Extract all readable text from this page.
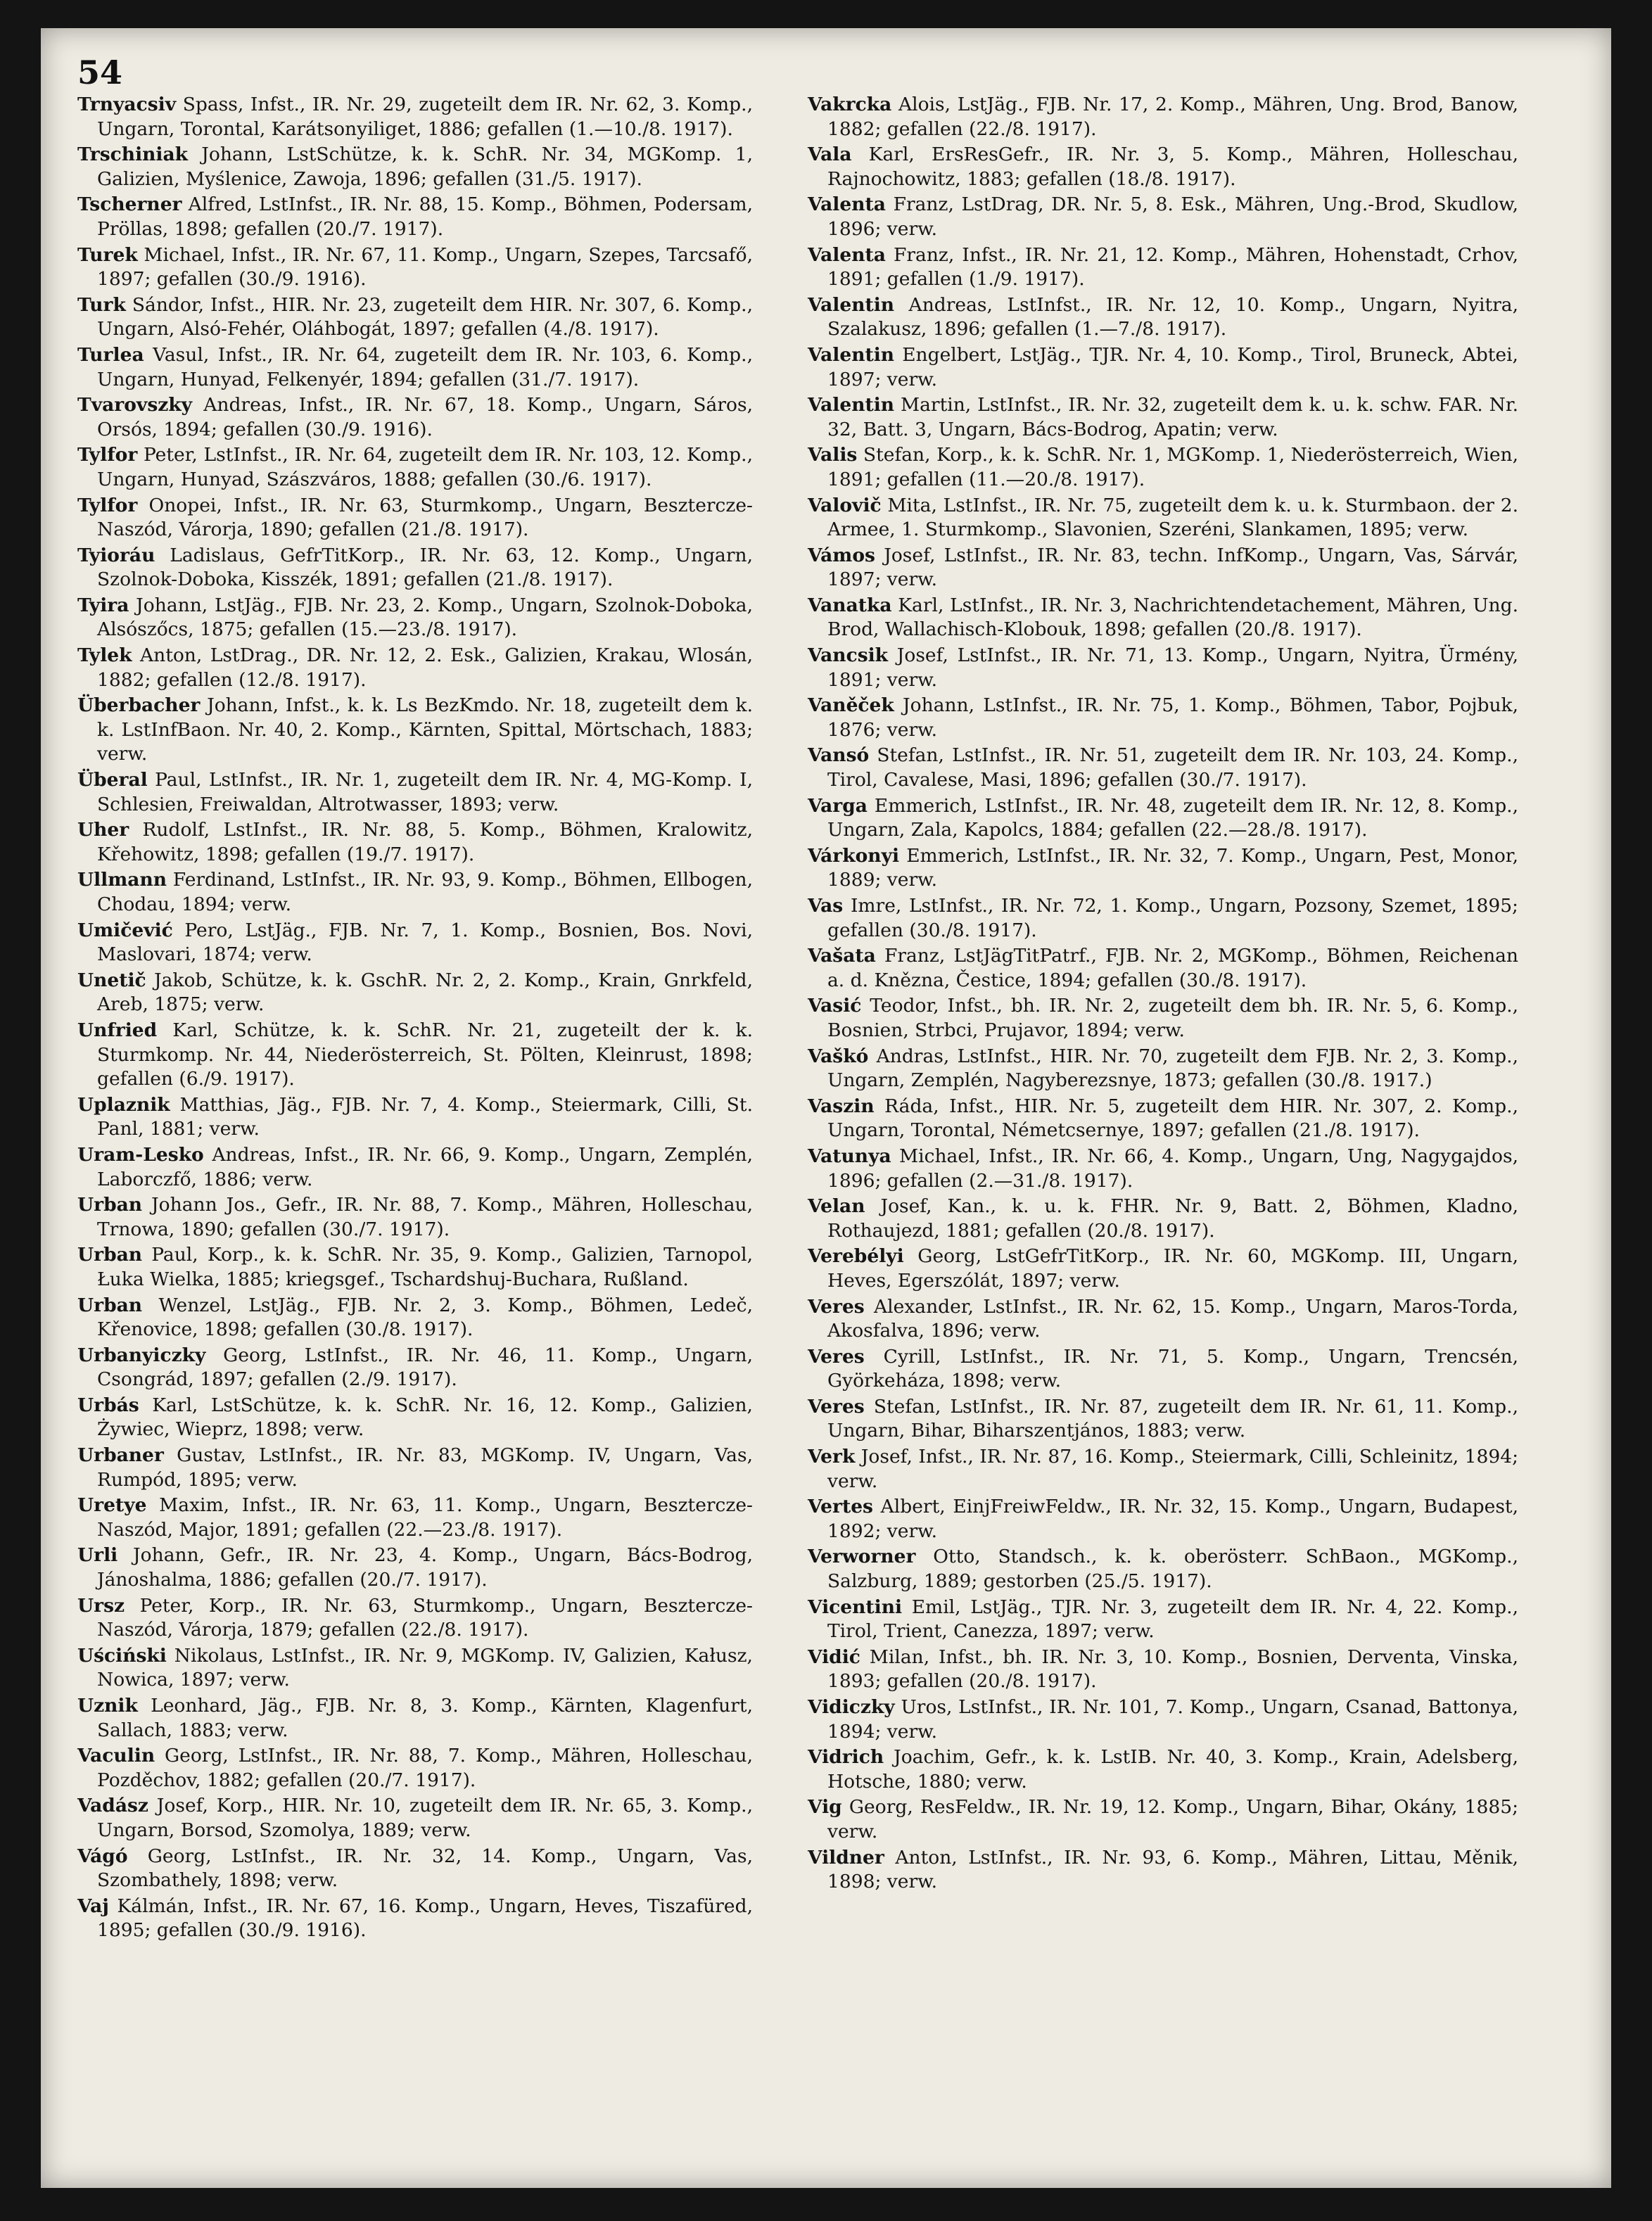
54
Trnyacsiv Spass, Infst., IR. Nr. 29, zugeteilt dem IR. Nr. 62, 3. Komp., Ungarn, Torontal, Karátsonyiliget, 1886; gefallen (1.—10./8. 1917).
Trschiniak Johann, LstSchütze, k. k. SchR. Nr. 34, MGKomp. 1, Galizien, Myślenice, Zawoja, 1896; gefallen (31./5. 1917).
Tscherner Alfred, LstInfst., IR. Nr. 88, 15. Komp., Böhmen, Podersam, Pröllas, 1898; gefallen (20./7. 1917).
Turek Michael, Infst., IR. Nr. 67, 11. Komp., Ungarn, Szepes, Tarcsafő, 1897; gefallen (30./9. 1916).
Turk Sándor, Infst., HIR. Nr. 23, zugeteilt dem HIR. Nr. 307, 6. Komp., Ungarn, Alsó-Fehér, Oláhbogát, 1897; gefallen (4./8. 1917).
Turlea Vasul, Infst., IR. Nr. 64, zugeteilt dem IR. Nr. 103, 6. Komp., Ungarn, Hunyad, Felkenyér, 1894; gefallen (31./7. 1917).
Tvarovszky Andreas, Infst., IR. Nr. 67, 18. Komp., Ungarn, Sáros, Orsós, 1894; gefallen (30./9. 1916).
Tylfor Peter, LstInfst., IR. Nr. 64, zugeteilt dem IR. Nr. 103, 12. Komp., Ungarn, Hunyad, Szászváros, 1888; gefallen (30./6. 1917).
Tylfor Onopei, Infst., IR. Nr. 63, Sturmkomp., Ungarn, Besztercze-Naszód, Várorja, 1890; gefallen (21./8. 1917).
Tyioráu Ladislaus, GefrTitKorp., IR. Nr. 63, 12. Komp., Ungarn, Szolnok-Doboka, Kisszék, 1891; gefallen (21./8. 1917).
Tyira Johann, LstJäg., FJB. Nr. 23, 2. Komp., Ungarn, Szolnok-Doboka, Alsószőcs, 1875; gefallen (15.—23./8. 1917).
Tylek Anton, LstDrag., DR. Nr. 12, 2. Esk., Galizien, Krakau, Wlosán, 1882; gefallen (12./8. 1917).
Überbacher Johann, Infst., k. k. Ls BezKmdo. Nr. 18, zugeteilt dem k. k. LstInfBaon. Nr. 40, 2. Komp., Kärnten, Spittal, Mörtschach, 1883; verw.
Überal Paul, LstInfst., IR. Nr. 1, zugeteilt dem IR. Nr. 4, MG-Komp. I, Schlesien, Freiwaldan, Altrotwasser, 1893; verw.
Uher Rudolf, LstInfst., IR. Nr. 88, 5. Komp., Böhmen, Kralowitz, Křehowitz, 1898; gefallen (19./7. 1917).
Ullmann Ferdinand, LstInfst., IR. Nr. 93, 9. Komp., Böhmen, Ellbogen, Chodau, 1894; verw.
Umičević Pero, LstJäg., FJB. Nr. 7, 1. Komp., Bosnien, Bos. Novi, Maslovari, 1874; verw.
Unetič Jakob, Schütze, k. k. GschR. Nr. 2, 2. Komp., Krain, Gnrkfeld, Areb, 1875; verw.
Unfried Karl, Schütze, k. k. SchR. Nr. 21, zugeteilt der k. k. Sturmkomp. Nr. 44, Niederösterreich, St. Pölten, Kleinrust, 1898; gefallen (6./9. 1917).
Uplaznik Matthias, Jäg., FJB. Nr. 7, 4. Komp., Steiermark, Cilli, St. Panl, 1881; verw.
Uram-Lesko Andreas, Infst., IR. Nr. 66, 9. Komp., Ungarn, Zemplén, Laborczfő, 1886; verw.
Urban Johann Jos., Gefr., IR. Nr. 88, 7. Komp., Mähren, Holleschau, Trnowa, 1890; gefallen (30./7. 1917).
Urban Paul, Korp., k. k. SchR. Nr. 35, 9. Komp., Galizien, Tarnopol, Łuka Wielka, 1885; kriegsgef., Tschardshuj-Buchara, Rußland.
Urban Wenzel, LstJäg., FJB. Nr. 2, 3. Komp., Böhmen, Ledeč, Křenovice, 1898; gefallen (30./8. 1917).
Urbanyiczky Georg, LstInfst., IR. Nr. 46, 11. Komp., Ungarn, Csongrád, 1897; gefallen (2./9. 1917).
Urbás Karl, LstSchütze, k. k. SchR. Nr. 16, 12. Komp., Galizien, Żywiec, Wieprz, 1898; verw.
Urbaner Gustav, LstInfst., IR. Nr. 83, MGKomp. IV, Ungarn, Vas, Rumpód, 1895; verw.
Uretye Maxim, Infst., IR. Nr. 63, 11. Komp., Ungarn, Besztercze-Naszód, Major, 1891; gefallen (22.—23./8. 1917).
Urli Johann, Gefr., IR. Nr. 23, 4. Komp., Ungarn, Bács-Bodrog, Jánoshalma, 1886; gefallen (20./7. 1917).
Ursz Peter, Korp., IR. Nr. 63, Sturmkomp., Ungarn, Besztercze-Naszód, Várorja, 1879; gefallen (22./8. 1917).
Uściński Nikolaus, LstInfst., IR. Nr. 9, MGKomp. IV, Galizien, Kałusz, Nowica, 1897; verw.
Uznik Leonhard, Jäg., FJB. Nr. 8, 3. Komp., Kärnten, Klagenfurt, Sallach, 1883; verw.
Vaculin Georg, LstInfst., IR. Nr. 88, 7. Komp., Mähren, Holleschau, Pozděchov, 1882; gefallen (20./7. 1917).
Vadász Josef, Korp., HIR. Nr. 10, zugeteilt dem IR. Nr. 65, 3. Komp., Ungarn, Borsod, Szomolya, 1889; verw.
Vágó Georg, LstInfst., IR. Nr. 32, 14. Komp., Ungarn, Vas, Szombathely, 1898; verw.
Vaj Kálmán, Infst., IR. Nr. 67, 16. Komp., Ungarn, Heves, Tiszafüred, 1895; gefallen (30./9. 1916).
Vakrcka Alois, LstJäg., FJB. Nr. 17, 2. Komp., Mähren, Ung. Brod, Banow, 1882; gefallen (22./8. 1917).
Vala Karl, ErsResGefr., IR. Nr. 3, 5. Komp., Mähren, Holleschau, Rajnochowitz, 1883; gefallen (18./8. 1917).
Valenta Franz, LstDrag, DR. Nr. 5, 8. Esk., Mähren, Ung.-Brod, Skudlow, 1896; verw.
Valenta Franz, Infst., IR. Nr. 21, 12. Komp., Mähren, Hohenstadt, Crhov, 1891; gefallen (1./9. 1917).
Valentin Andreas, LstInfst., IR. Nr. 12, 10. Komp., Ungarn, Nyitra, Szalakusz, 1896; gefallen (1.—7./8. 1917).
Valentin Engelbert, LstJäg., TJR. Nr. 4, 10. Komp., Tirol, Bruneck, Abtei, 1897; verw.
Valentin Martin, LstInfst., IR. Nr. 32, zugeteilt dem k. u. k. schw. FAR. Nr. 32, Batt. 3, Ungarn, Bács-Bodrog, Apatin; verw.
Valis Stefan, Korp., k. k. SchR. Nr. 1, MGKomp. 1, Niederösterreich, Wien, 1891; gefallen (11.—20./8. 1917).
Valovič Mita, LstInfst., IR. Nr. 75, zugeteilt dem k. u. k. Sturmbaon. der 2. Armee, 1. Sturmkomp., Slavonien, Szeréni, Slankamen, 1895; verw.
Vámos Josef, LstInfst., IR. Nr. 83, techn. InfKomp., Ungarn, Vas, Sárvár, 1897; verw.
Vanatka Karl, LstInfst., IR. Nr. 3, Nachrichtendetachement, Mähren, Ung. Brod, Wallachisch-Klobouk, 1898; gefallen (20./8. 1917).
Vancsik Josef, LstInfst., IR. Nr. 71, 13. Komp., Ungarn, Nyitra, Ürmény, 1891; verw.
Vaněček Johann, LstInfst., IR. Nr. 75, 1. Komp., Böhmen, Tabor, Pojbuk, 1876; verw.
Vansó Stefan, LstInfst., IR. Nr. 51, zugeteilt dem IR. Nr. 103, 24. Komp., Tirol, Cavalese, Masi, 1896; gefallen (30./7. 1917).
Varga Emmerich, LstInfst., IR. Nr. 48, zugeteilt dem IR. Nr. 12, 8. Komp., Ungarn, Zala, Kapolcs, 1884; gefallen (22.—28./8. 1917).
Várkonyi Emmerich, LstInfst., IR. Nr. 32, 7. Komp., Ungarn, Pest, Monor, 1889; verw.
Vas Imre, LstInfst., IR. Nr. 72, 1. Komp., Ungarn, Pozsony, Szemet, 1895; gefallen (30./8. 1917).
Vašata Franz, LstJägTitPatrf., FJB. Nr. 2, MGKomp., Böhmen, Reichenan a. d. Knězna, Čestice, 1894; gefallen (30./8. 1917).
Vasić Teodor, Infst., bh. IR. Nr. 2, zugeteilt dem bh. IR. Nr. 5, 6. Komp., Bosnien, Strbci, Prujavor, 1894; verw.
Vaškó Andras, LstInfst., HIR. Nr. 70, zugeteilt dem FJB. Nr. 2, 3. Komp., Ungarn, Zemplén, Nagyberezsnye, 1873; gefallen (30./8. 1917.)
Vaszin Ráda, Infst., HIR. Nr. 5, zugeteilt dem HIR. Nr. 307, 2. Komp., Ungarn, Torontal, Németcsernye, 1897; gefallen (21./8. 1917).
Vatunya Michael, Infst., IR. Nr. 66, 4. Komp., Ungarn, Ung, Nagygajdos, 1896; gefallen (2.—31./8. 1917).
Velan Josef, Kan., k. u. k. FHR. Nr. 9, Batt. 2, Böhmen, Kladno, Rothaujezd, 1881; gefallen (20./8. 1917).
Verebélyi Georg, LstGefrTitKorp., IR. Nr. 60, MGKomp. III, Ungarn, Heves, Egerszólát, 1897; verw.
Veres Alexander, LstInfst., IR. Nr. 62, 15. Komp., Ungarn, Maros-Torda, Akosfalva, 1896; verw.
Veres Cyrill, LstInfst., IR. Nr. 71, 5. Komp., Ungarn, Trencsén, Györkeháza, 1898; verw.
Veres Stefan, LstInfst., IR. Nr. 87, zugeteilt dem IR. Nr. 61, 11. Komp., Ungarn, Bihar, Biharszentjános, 1883; verw.
Verk Josef, Infst., IR. Nr. 87, 16. Komp., Steiermark, Cilli, Schleinitz, 1894; verw.
Vertes Albert, EinjFreiwFeldw., IR. Nr. 32, 15. Komp., Ungarn, Budapest, 1892; verw.
Verworner Otto, Standsch., k. k. oberösterr. SchBaon., MGKomp., Salzburg, 1889; gestorben (25./5. 1917).
Vicentini Emil, LstJäg., TJR. Nr. 3, zugeteilt dem IR. Nr. 4, 22. Komp., Tirol, Trient, Canezza, 1897; verw.
Vidić Milan, Infst., bh. IR. Nr. 3, 10. Komp., Bosnien, Derventa, Vinska, 1893; gefallen (20./8. 1917).
Vidiczky Uros, LstInfst., IR. Nr. 101, 7. Komp., Ungarn, Csanad, Battonya, 1894; verw.
Vidrich Joachim, Gefr., k. k. LstIB. Nr. 40, 3. Komp., Krain, Adelsberg, Hotsche, 1880; verw.
Vig Georg, ResFeldw., IR. Nr. 19, 12. Komp., Ungarn, Bihar, Okány, 1885; verw.
Vildner Anton, LstInfst., IR. Nr. 93, 6. Komp., Mähren, Littau, Měnik, 1898; verw.
